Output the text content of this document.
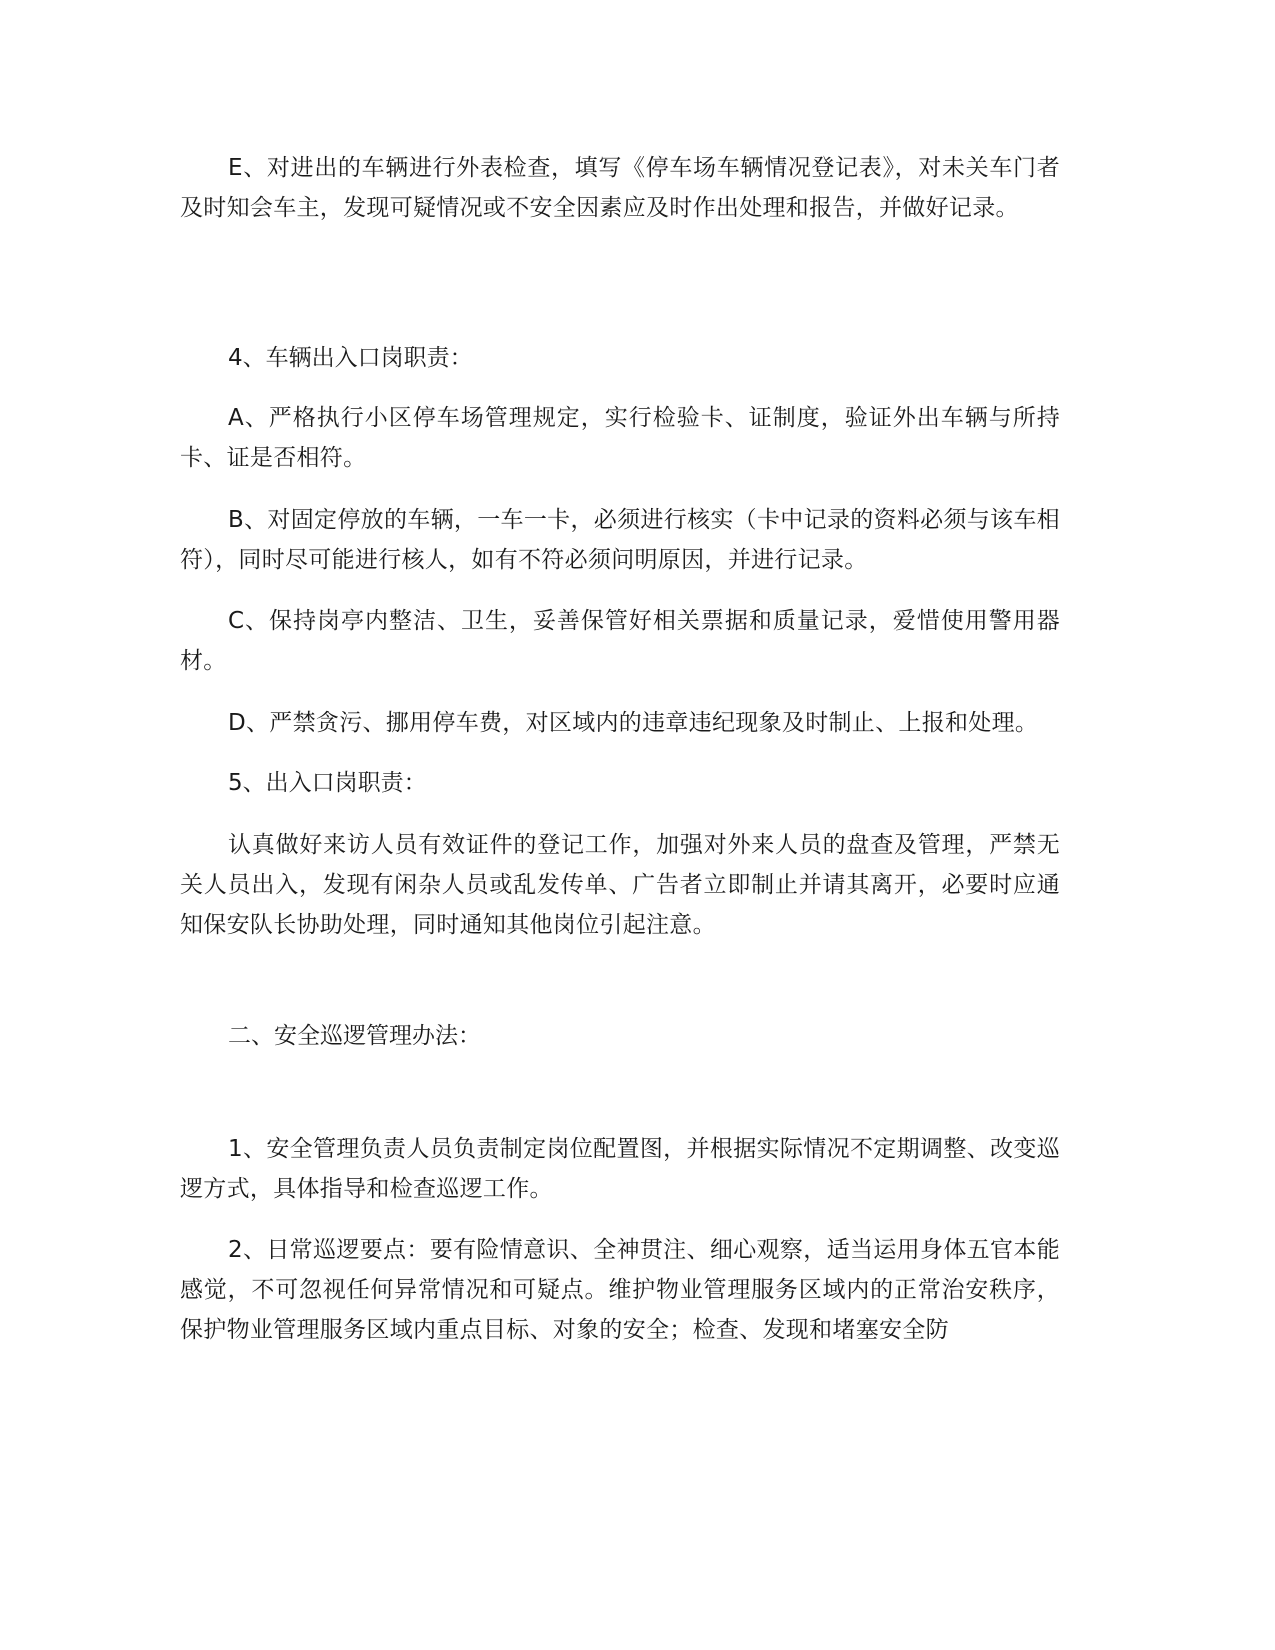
E、对进出的车辆进行外表检查，填写《停车场车辆情况登记表》，对未关车门者及时知会车主，发现可疑情况或不安全因素应及时作出处理和报告，并做好记录。

4、车辆出入口岗职责：

A、严格执行小区停车场管理规定，实行检验卡、证制度，验证外出车辆与所持卡、证是否相符。

B、对固定停放的车辆，一车一卡，必须进行核实（卡中记录的资料必须与该车相符），同时尽可能进行核人，如有不符必须问明原因，并进行记录。

C、保持岗亭内整洁、卫生，妥善保管好相关票据和质量记录，爱惜使用警用器材。

D、严禁贪污、挪用停车费，对区域内的违章违纪现象及时制止、上报和处理。

5、出入口岗职责：

认真做好来访人员有效证件的登记工作，加强对外来人员的盘查及管理，严禁无关人员出入，发现有闲杂人员或乱发传单、广告者立即制止并请其离开，必要时应通知保安队长协助处理，同时通知其他岗位引起注意。

二、安全巡逻管理办法：

1、安全管理负责人员负责制定岗位配置图，并根据实际情况不定期调整、改变巡逻方式，具体指导和检查巡逻工作。

2、日常巡逻要点：要有险情意识、全神贯注、细心观察，适当运用身体五官本能感觉，不可忽视任何异常情况和可疑点。维护物业管理服务区域内的正常治安秩序，保护物业管理服务区域内重点目标、对象的安全；检查、发现和堵塞安全防
